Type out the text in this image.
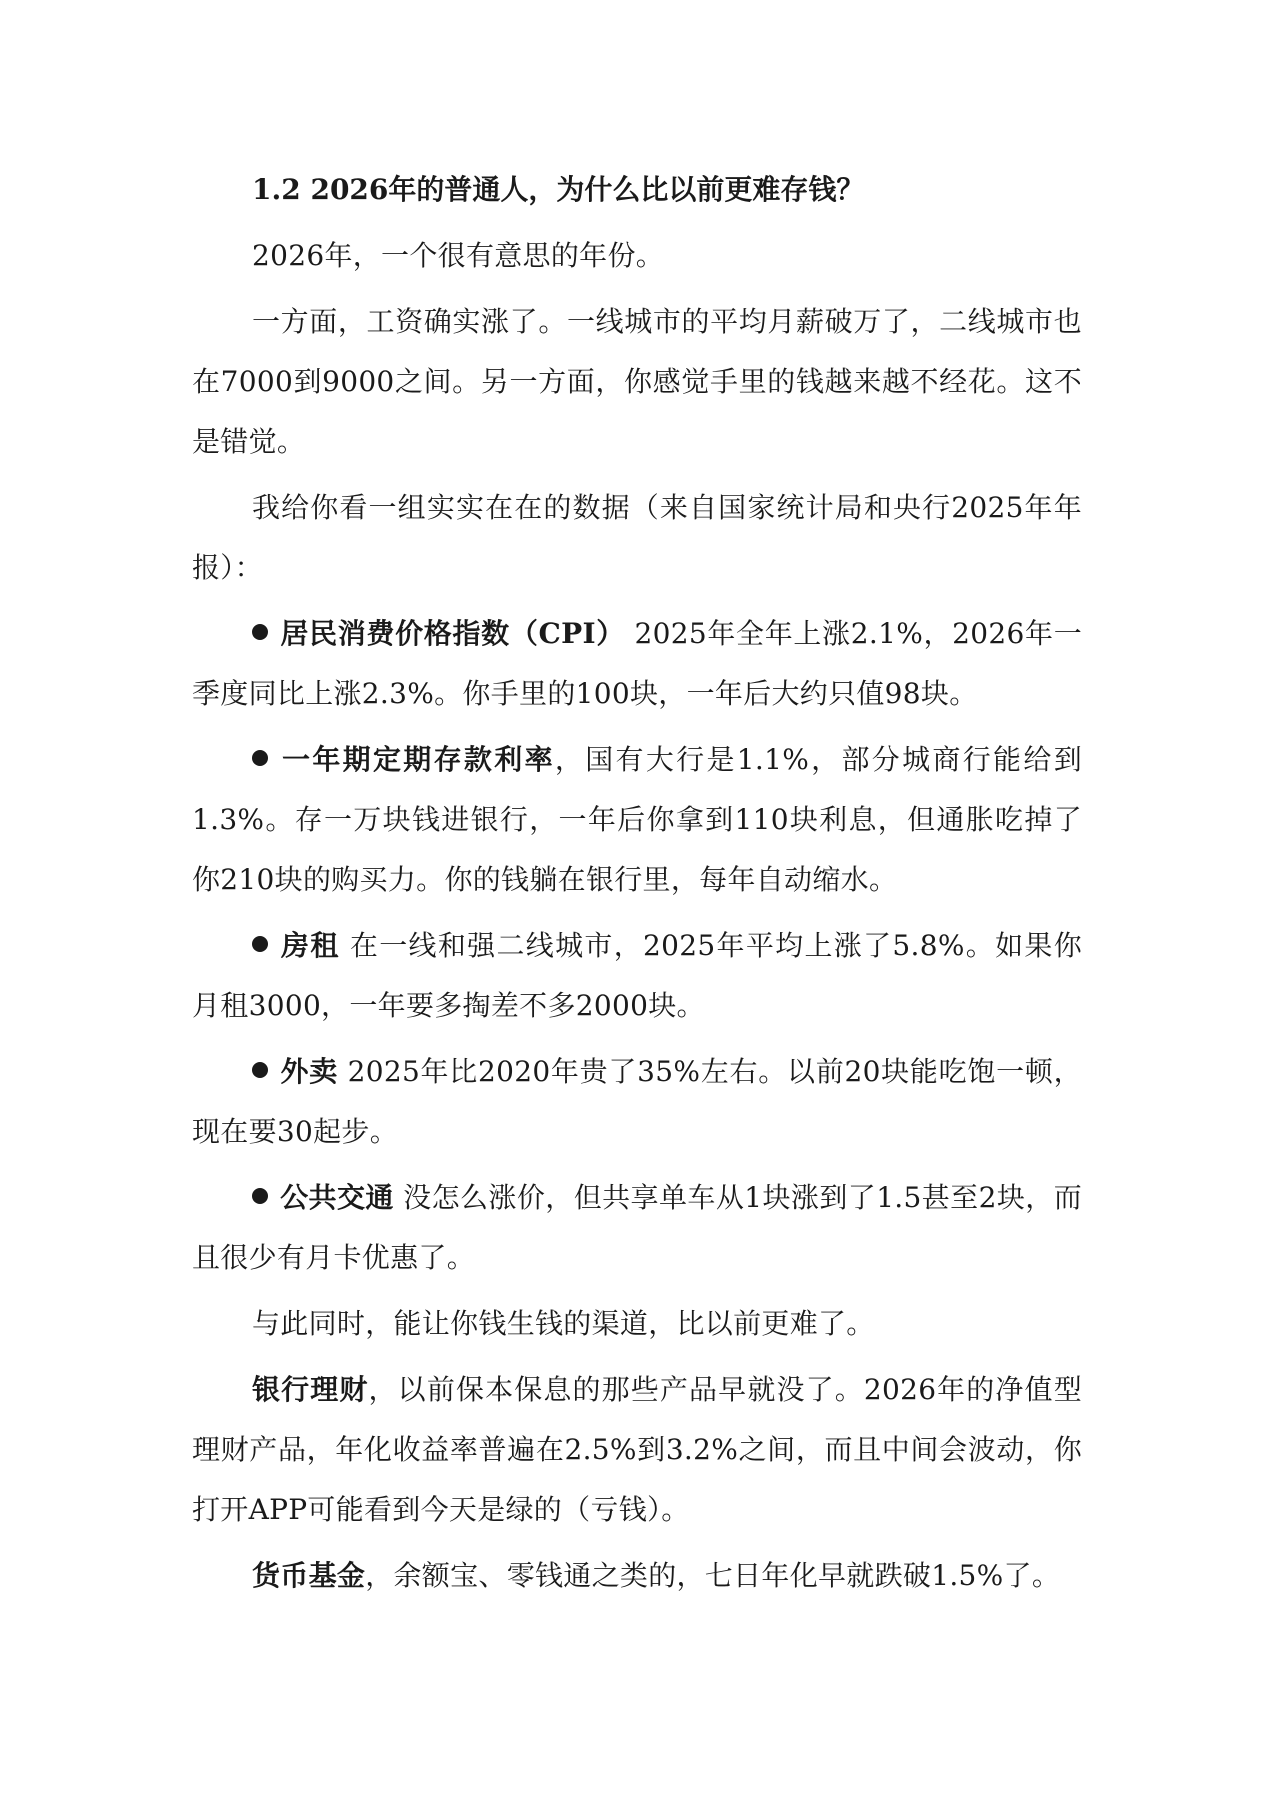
1.2 2026年的普通人，为什么比以前更难存钱？

2026年，一个很有意思的年份。

一方面，工资确实涨了。一线城市的平均月薪破万了，二线城市也在7000到9000之间。另一方面，你感觉手里的钱越来越不经花。这不是错觉。

我给你看一组实实在在的数据（来自国家统计局和央行2025年年报）：

居民消费价格指数（CPI） 2025年全年上涨2.1%，2026年一季度同比上涨2.3%。你手里的100块，一年后大约只值98块。

一年期定期存款利率，国有大行是1.1%，部分城商行能给到1.3%。存一万块钱进银行，一年后你拿到110块利息，但通胀吃掉了你210块的购买力。你的钱躺在银行里，每年自动缩水。

房租 在一线和强二线城市，2025年平均上涨了5.8%。如果你月租3000，一年要多掏差不多2000块。

外卖 2025年比2020年贵了35%左右。以前20块能吃饱一顿，现在要30起步。

公共交通 没怎么涨价，但共享单车从1块涨到了1.5甚至2块，而且很少有月卡优惠了。

与此同时，能让你钱生钱的渠道，比以前更难了。

银行理财，以前保本保息的那些产品早就没了。2026年的净值型理财产品，年化收益率普遍在2.5%到3.2%之间，而且中间会波动，你打开APP可能看到今天是绿的（亏钱）。

货币基金，余额宝、零钱通之类的，七日年化早就跌破1.5%了。
